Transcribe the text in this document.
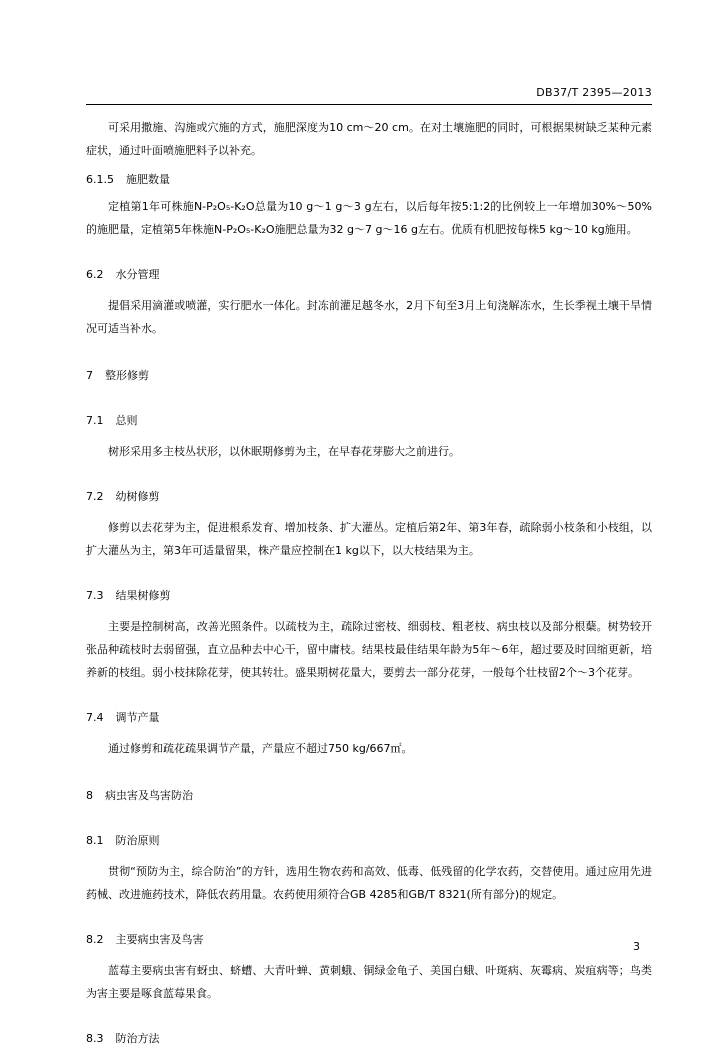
DB37/T 2395—2013

可采用撒施、沟施或穴施的方式，施肥深度为10 cm～20 cm。在对土壤施肥的同时，可根据果树缺乏某种元素症状，通过叶面喷施肥料予以补充。

6.1.5 施肥数量

定植第1年可株施N-P₂O₅-K₂O总量为10 g～1 g～3 g左右，以后每年按5:1:2的比例较上一年增加30%～50%的施肥量，定植第5年株施N-P₂O₅-K₂O施肥总量为32 g～7 g～16 g左右。优质有机肥按每株5 kg～10 kg施用。

6.2 水分管理

提倡采用滴灌或喷灌，实行肥水一体化。封冻前灌足越冬水，2月下旬至3月上旬浇解冻水，生长季视土壤干旱情况可适当补水。

7 整形修剪
7.1 总则

树形采用多主枝丛状形，以休眠期修剪为主，在早春花芽膨大之前进行。

7.2 幼树修剪

修剪以去花芽为主，促进根系发育、增加枝条、扩大灌丛。定植后第2年、第3年春，疏除弱小枝条和小枝组，以扩大灌丛为主，第3年可适量留果，株产量应控制在1 kg以下，以大枝结果为主。

7.3 结果树修剪

主要是控制树高，改善光照条件。以疏枝为主，疏除过密枝、细弱枝、粗老枝、病虫枝以及部分根蘖。树势较开张品种疏枝时去弱留强，直立品种去中心干，留中庸枝。结果枝最佳结果年龄为5年～6年，超过要及时回缩更新，培养新的枝组。弱小枝抹除花芽，使其转壮。盛果期树花量大，要剪去一部分花芽，一般每个壮枝留2个～3个花芽。

7.4 调节产量

通过修剪和疏花疏果调节产量，产量应不超过750 kg/667㎡。

8 病虫害及鸟害防治
8.1 防治原则

贯彻“预防为主，综合防治”的方针，选用生物农药和高效、低毒、低残留的化学农药，交替使用。通过应用先进药械、改进施药技术，降低农药用量。农药使用须符合GB 4285和GB/T 8321(所有部分)的规定。

8.2 主要病虫害及鸟害

蓝莓主要病虫害有蚜虫、蛴螬、大青叶蝉、黄刺蛾、铜绿金龟子、美国白蛾、叶斑病、灰霉病、炭疽病等；鸟类为害主要是啄食蓝莓果食。

8.3 防治方法
3
